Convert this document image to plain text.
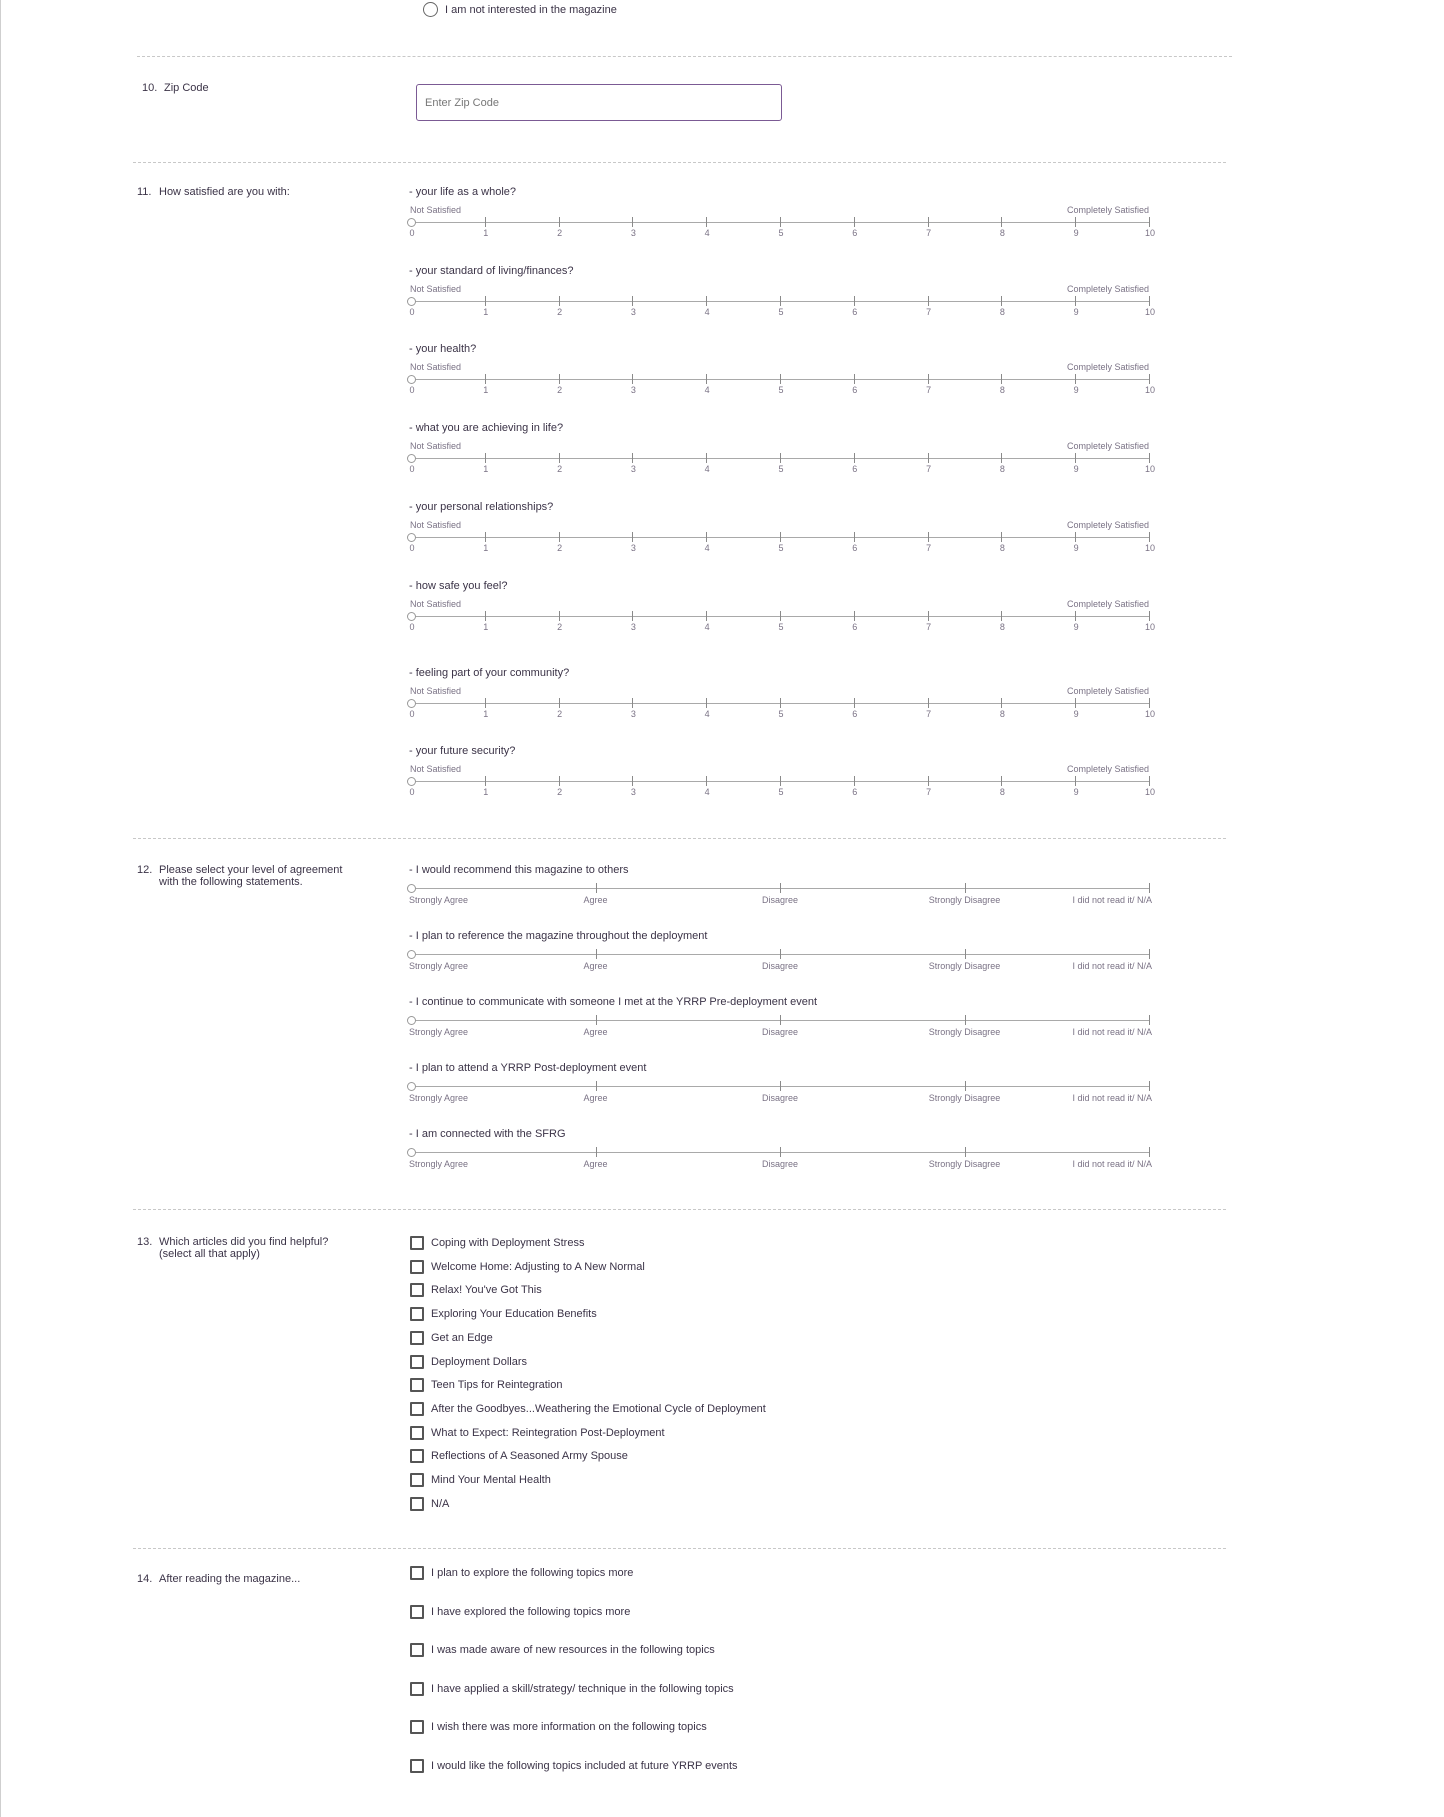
I am not interested in the magazine
10. Zip Code
Enter Zip Code
11. How satisfied are you with:	- your life as a whole?
Not Satisfied	Completely Satisfied
0	1	2	3	4	5	6	7	8	9	10
- your standard of living/finances?
Not Satisfied	Completely Satisfied
0	1	2	3	4	5	6	7	8	9	10
- your health?
Not Satisfied	Completely Satisfied
0	1	2	3	4	5	6	7	8	9	10
- what you are achieving in life?
Not Satisfied	Completely Satisfied
0	1	2	3	4	5	6	7	8	9	10
- your personal relationships?
Not Satisfied	Completely Satisfied
0	1	2	3	4	5	6	7	8	9	10
- how safe you feel?
Not Satisfied	Completely Satisfied
0	1	2	3	4	5	6	7	8	9	10
- feeling part of your community?
Not Satisfied	Completely Satisfied
0	1	2	3	4	5	6	7	8	9	10
- your future security?
Not Satisfied	Completely Satisfied
0	1	2	3	4	5	6	7	8	9	10
12. Please select your level of agreement with the following statements.
- I would recommend this magazine to others
Strongly Agree	Agree	Disagree	Strongly Disagree	I did not read it/ N/A
- I plan to reference the magazine throughout the deployment
Strongly Agree	Agree	Disagree	Strongly Disagree	I did not read it/ N/A
- I continue to communicate with someone I met at the YRRP Pre-deployment event
Strongly Agree	Agree	Disagree	Strongly Disagree	I did not read it/ N/A
- I plan to attend a YRRP Post-deployment event
Strongly Agree	Agree	Disagree	Strongly Disagree	I did not read it/ N/A
- I am connected with the SFRG
Strongly Agree	Agree	Disagree	Strongly Disagree	I did not read it/ N/A
13. Which articles did you find helpful? (select all that apply)
Coping with Deployment Stress
Welcome Home: Adjusting to A New Normal
Relax! You've Got This
Exploring Your Education Benefits
Get an Edge
Deployment Dollars
Teen Tips for Reintegration
After the Goodbyes...Weathering the Emotional Cycle of Deployment
What to Expect: Reintegration Post-Deployment
Reflections of A Seasoned Army Spouse
Mind Your Mental Health
N/A
14. After reading the magazine...	I plan to explore the following topics more
I have explored the following topics more
I was made aware of new resources in the following topics
I have applied a skill/strategy/ technique in the following topics
I wish there was more information on the following topics
I would like the following topics included at future YRRP events
